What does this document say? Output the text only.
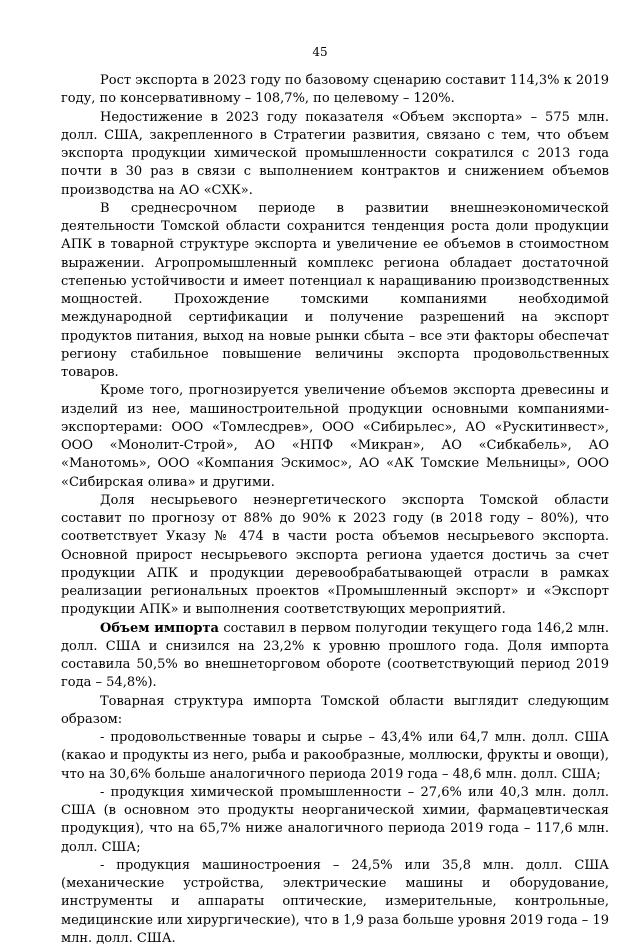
45

Рост экспорта в 2023 году по базовому сценарию составит 114,3% к 2019 году, по консервативному – 108,7%, по целевому – 120%.

Недостижение в 2023 году показателя «Объем экспорта» – 575 млн. долл. США, закрепленного в Стратегии развития, связано с тем, что объем экспорта продукции химической промышленности сократился с 2013 года почти в 30 раз в связи с выполнением контрактов и снижением объемов производства на АО «СХК».

В среднесрочном периоде в развитии внешнеэкономической деятельности Томской области сохранится тенденция роста доли продукции АПК в товарной структуре экспорта и увеличение ее объемов в стоимостном выражении. Агропромышленный комплекс региона обладает достаточной степенью устойчивости и имеет потенциал к наращиванию производственных мощностей. Прохождение томскими компаниями необходимой международной сертификации и получение разрешений на экспорт продуктов питания, выход на новые рынки сбыта – все эти факторы обеспечат региону стабильное повышение величины экспорта продовольственных товаров.

Кроме того, прогнозируется увеличение объемов экспорта древесины и изделий из нее, машиностроительной продукции основными компаниями-экспортерами: ООО «Томлесдрев», ООО «Сибирьлес», АО «Рускитинвест», ООО «Монолит-Строй», АО «НПФ «Микран», АО «Сибкабель», АО «Манотомь», ООО «Компания Эскимос», АО «АК Томские Мельницы», ООО «Сибирская олива» и другими.

Доля несырьевого неэнергетического экспорта Томской области составит по прогнозу от 88% до 90% к 2023 году (в 2018 году – 80%), что соответствует Указу № 474 в части роста объемов несырьевого экспорта. Основной прирост несырьевого экспорта региона удается достичь за счет продукции АПК и продукции деревообрабатывающей отрасли в рамках реализации региональных проектов «Промышленный экспорт» и «Экспорт продукции АПК» и выполнения соответствующих мероприятий.

Объем импорта составил в первом полугодии текущего года 146,2 млн. долл. США и снизился на 23,2% к уровню прошлого года. Доля импорта составила 50,5% во внешнеторговом обороте (соответствующий период 2019 года – 54,8%).

Товарная структура импорта Томской области выглядит следующим образом:

- продовольственные товары и сырье – 43,4% или 64,7 млн. долл. США (какао и продукты из него, рыба и ракообразные, моллюски, фрукты и овощи), что на 30,6% больше аналогичного периода 2019 года – 48,6 млн. долл. США;

- продукция химической промышленности – 27,6% или 40,3 млн. долл. США (в основном это продукты неорганической химии, фармацевтическая продукция), что на 65,7% ниже аналогичного периода 2019 года – 117,6 млн. долл. США;

- продукция машиностроения – 24,5% или 35,8 млн. долл. США (механические устройства, электрические машины и оборудование, инструменты и аппараты оптические, измерительные, контрольные, медицинские или хирургические), что в 1,9 раза больше уровня 2019 года – 19 млн. долл. США.
